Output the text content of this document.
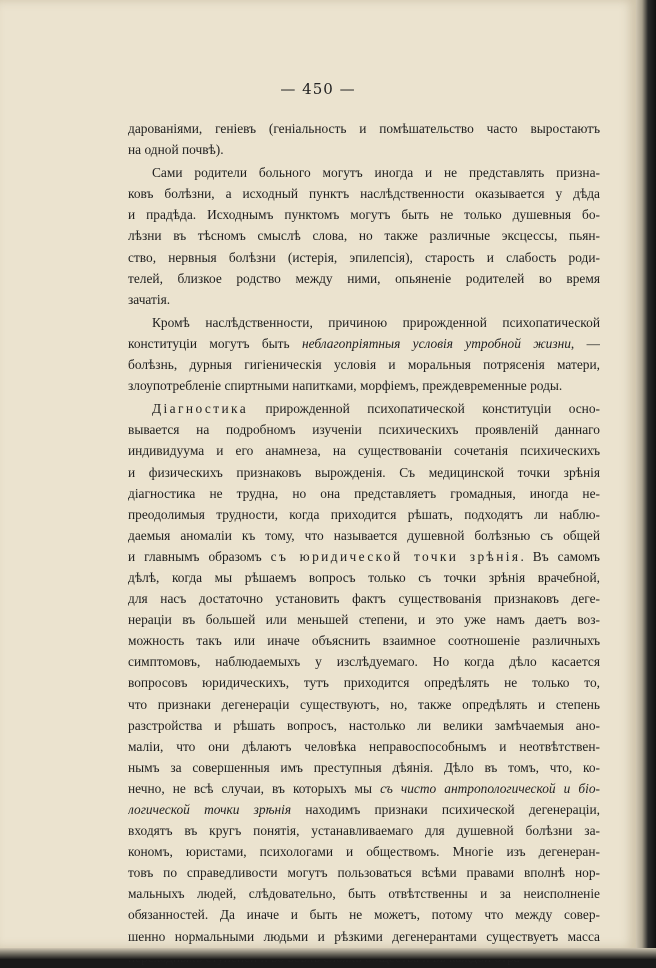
— 450 —
дарованіями, геніевъ (геніальность и помѣшательство часто выростаютъ
на одной почвѣ).
Сами родители больного могутъ иногда и не представлять призна-
ковъ болѣзни, а исходный пунктъ наслѣдственности оказывается у дѣда
и прадѣда. Исходнымъ пунктомъ могутъ быть не только душевныя бо-
лѣзни въ тѣсномъ смыслѣ слова, но также различные эксцессы, пьян-
ство, нервныя болѣзни (истерія, эпилепсія), старость и слабость роди-
телей, близкое родство между ними, опьяненіе родителей во время
зачатія.
Кромѣ наслѣдственности, причиною прирожденной психопатической
конституціи могутъ быть неблагопріятныя условія утробной жизни, —
болѣзнь, дурныя гигіеническія условія и моральныя потрясенія матери,
злоупотребленіе спиртными напитками, морфіемъ, преждевременные роды.
Діагностика прирожденной психопатической конституціи осно-
вывается на подробномъ изученіи психическихъ проявленій даннаго
индивидуума и его анамнеза, на существованіи сочетанія психическихъ
и физическихъ признаковъ вырожденія. Съ медицинской точки зрѣнія
діагностика не трудна, но она представляетъ громадныя, иногда не-
преодолимыя трудности, когда приходится рѣшать, подходятъ ли наблю-
даемыя аномаліи къ тому, что называется душевной болѣзнью съ общей
и главнымъ образомъ съ юридической точки зрѣнія. Въ самомъ
дѣлѣ, когда мы рѣшаемъ вопросъ только съ точки зрѣнія врачебной,
для насъ достаточно установить фактъ существованія признаковъ деге-
нераціи въ большей или меньшей степени, и это уже намъ даетъ воз-
можность такъ или иначе объяснить взаимное соотношеніе различныхъ
симптомовъ, наблюдаемыхъ у изслѣдуемаго. Но когда дѣло касается
вопросовъ юридическихъ, тутъ приходится опредѣлять не только то,
что признаки дегенераціи существуютъ, но, также опредѣлять и степень
разстройства и рѣшать вопросъ, настолько ли велики замѣчаемыя ано-
маліи, что они дѣлаютъ человѣка неправоспособнымъ и неотвѣтствен-
нымъ за совершенныя имъ преступныя дѣянія. Дѣло въ томъ, что, ко-
нечно, не всѣ случаи, въ которыхъ мы съ чисто антропологической и біо-
логической точки зрѣнія находимъ признаки психической дегенераціи,
входятъ въ кругъ понятія, устанавливаемаго для душевной болѣзни за-
кономъ, юристами, психологами и обществомъ. Многіе изъ дегенеран-
товъ по справедливости могутъ пользоваться всѣми правами вполнѣ нор-
мальныхъ людей, слѣдовательно, быть отвѣтственны и за неисполненіе
обязанностей. Да иначе и быть не можетъ, потому что между совер-
шенно нормальными людьми и рѣзкими дегенерантами существуетъ масса
